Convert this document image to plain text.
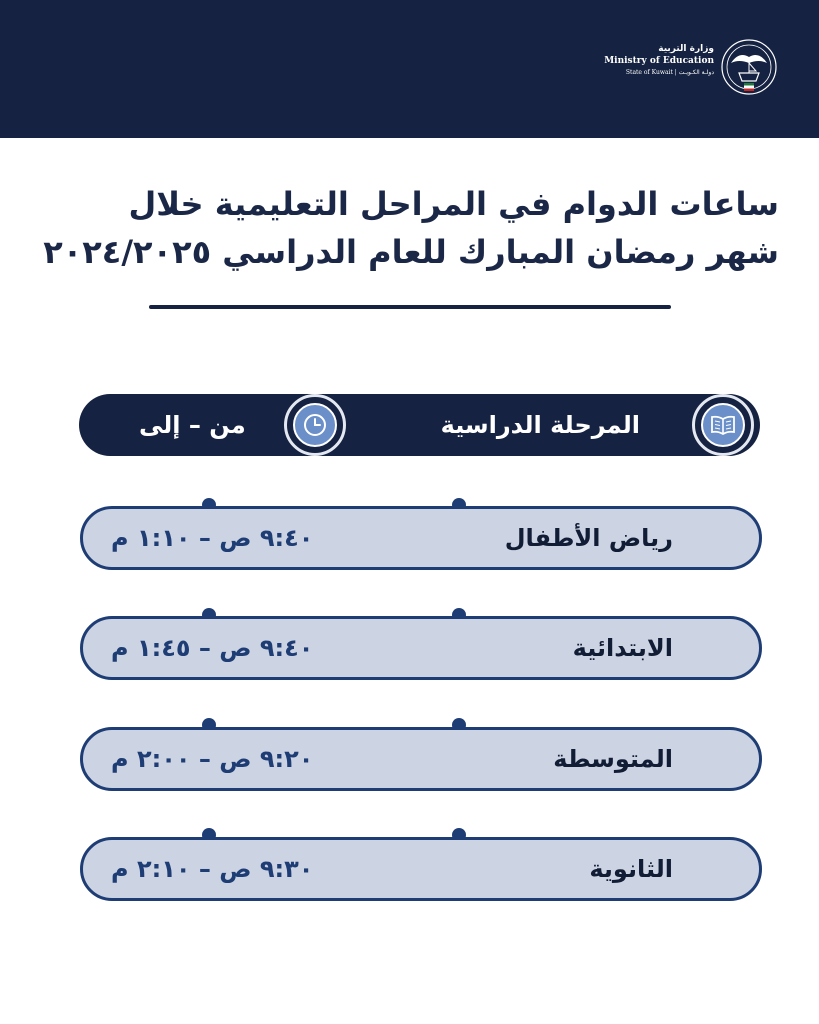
وزارة التربية
Ministry of Education
State of Kuwait | دولـة الكـويـت
ساعات الدوام في المراحل التعليمية خلال
شهر رمضان المبارك للعام الدراسي ٢٠٢٤/٢٠٢٥
المرحلة الدراسية
من – إلى
رياض الأطفال
٩:٤٠ ص – ١:١٠ م
الابتدائية
٩:٤٠ ص – ١:٤٥ م
المتوسطة
٩:٢٠ ص – ٢:٠٠ م
الثانوية
٩:٣٠ ص – ٢:١٠ م
